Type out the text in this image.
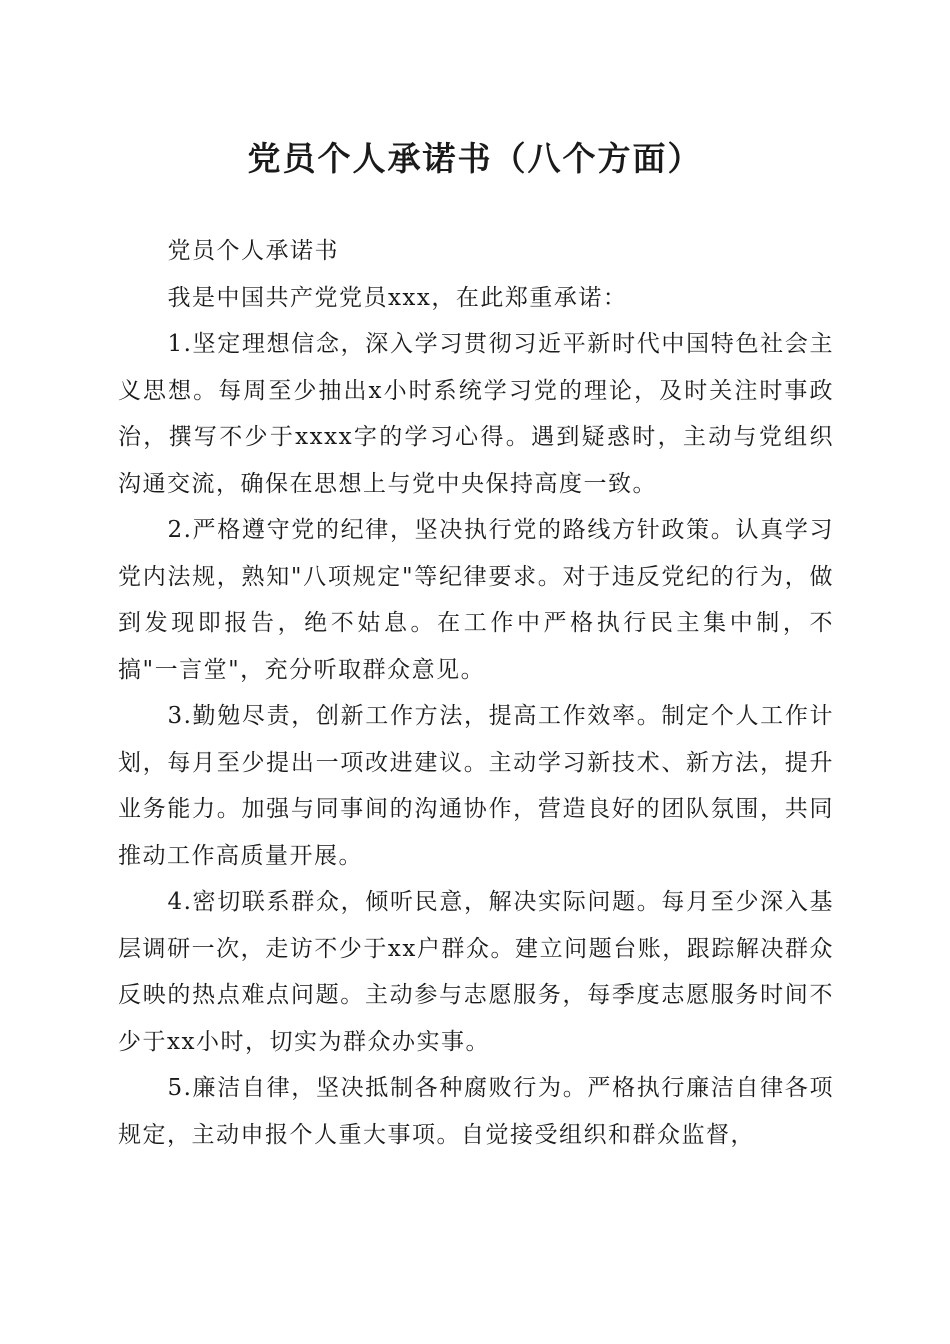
党员个人承诺书（八个方面）

党员个人承诺书

我是中国共产党党员xxx，在此郑重承诺：

1.坚定理想信念，深入学习贯彻习近平新时代中国特色社会主义思想。每周至少抽出x小时系统学习党的理论，及时关注时事政治，撰写不少于xxxx字的学习心得。遇到疑惑时，主动与党组织沟通交流，确保在思想上与党中央保持高度一致。

2.严格遵守党的纪律，坚决执行党的路线方针政策。认真学习党内法规，熟知"八项规定"等纪律要求。对于违反党纪的行为，做到发现即报告，绝不姑息。在工作中严格执行民主集中制，不搞"一言堂"，充分听取群众意见。

3.勤勉尽责，创新工作方法，提高工作效率。制定个人工作计划，每月至少提出一项改进建议。主动学习新技术、新方法，提升业务能力。加强与同事间的沟通协作，营造良好的团队氛围，共同推动工作高质量开展。

4.密切联系群众，倾听民意，解决实际问题。每月至少深入基层调研一次，走访不少于xx户群众。建立问题台账，跟踪解决群众反映的热点难点问题。主动参与志愿服务，每季度志愿服务时间不少于xx小时，切实为群众办实事。

5.廉洁自律，坚决抵制各种腐败行为。严格执行廉洁自律各项规定，主动申报个人重大事项。自觉接受组织和群众监督，
